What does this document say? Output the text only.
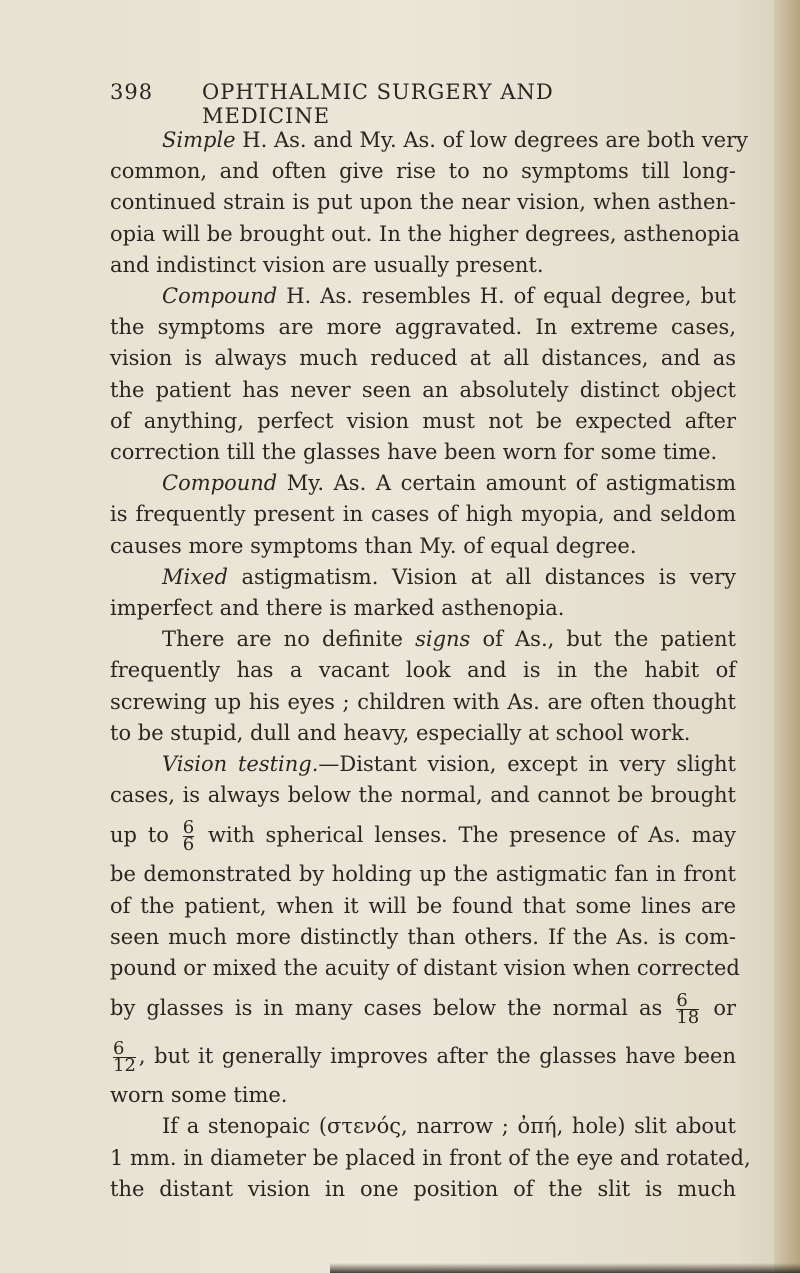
398 OPHTHALMIC SURGERY AND MEDICINE
Simple H. As. and My. As. of low degrees are both very
common, and often give rise to no symptoms till long-
continued strain is put upon the near vision, when asthen-
opia will be brought out. In the higher degrees, asthenopia
and indistinct vision are usually present.
Compound H. As. resembles H. of equal degree, but
the symptoms are more aggravated. In extreme cases,
vision is always much reduced at all distances, and as
the patient has never seen an absolutely distinct object
of anything, perfect vision must not be expected after
correction till the glasses have been worn for some time.
Compound My. As. A certain amount of astigmatism
is frequently present in cases of high myopia, and seldom
causes more symptoms than My. of equal degree.
Mixed astigmatism. Vision at all distances is very
imperfect and there is marked asthenopia.
There are no definite signs of As., but the patient
frequently has a vacant look and is in the habit of
screwing up his eyes ; children with As. are often thought
to be stupid, dull and heavy, especially at school work.
Vision testing.—Distant vision, except in very slight
cases, is always below the normal, and cannot be brought
up to $\frac{6}{6}$ with spherical lenses. The presence of As. may
be demonstrated by holding up the astigmatic fan in front
of the patient, when it will be found that some lines are
seen much more distinctly than others. If the As. is com-
pound or mixed the acuity of distant vision when corrected
by glasses is in many cases below the normal as $\frac{6}{18}$ or
$\frac{6}{12}$ , but it generally improves after the glasses have been
worn some time.
If a stenopaic (στενός, narrow ; ὀπή, hole) slit about
1 mm. in diameter be placed in front of the eye and rotated,
the distant vision in one position of the slit is much
